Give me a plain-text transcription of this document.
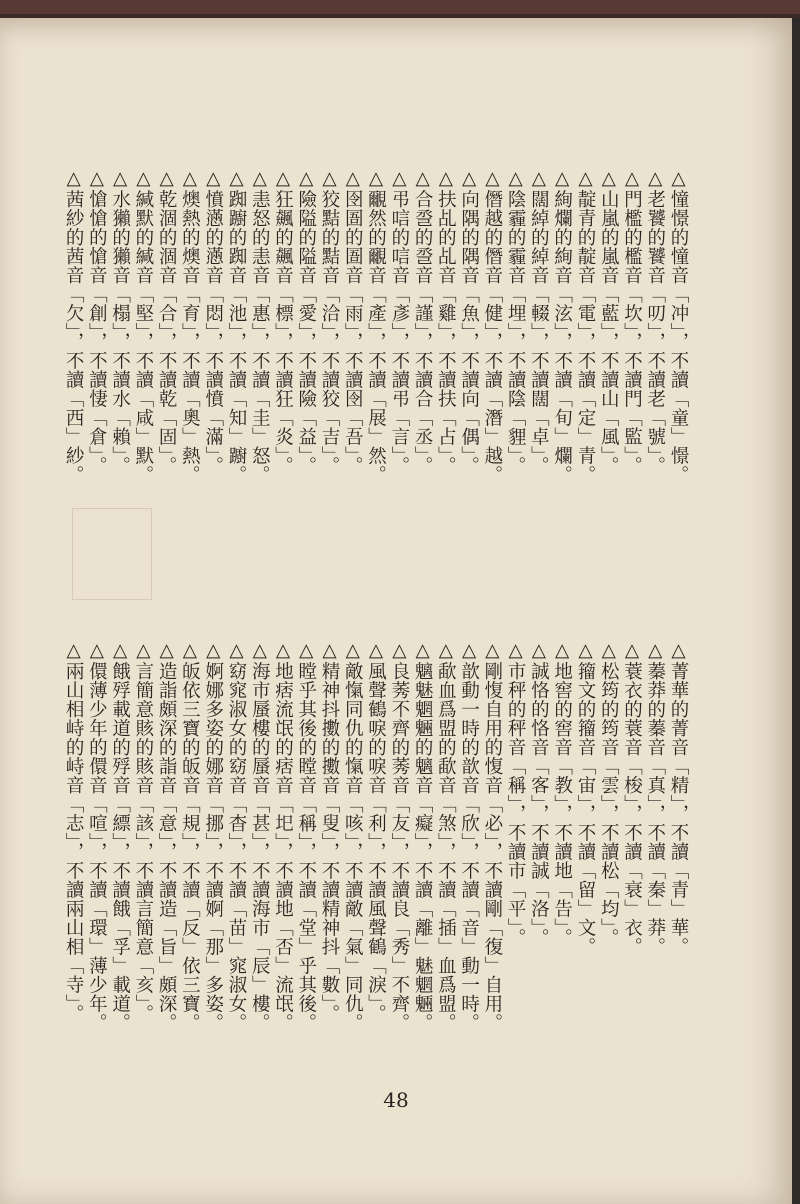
△憧憬的憧音「冲」，不讀「童」憬。
△老饕的饕音「叨」，不讀老「號」。
△門檻的檻音「坎」，不讀門「監」。
△山嵐的嵐音「藍」，不讀山「風」。
△靛青的靛音「電」，不讀「定」青。
△絢爛的絢音「泫」，不讀「旬」爛。
△闊綽的綽音「輟」，不讀闊「卓」。
△陰霾的霾音「埋」，不讀陰「貍」。
△僭越的僭音「健」，不讀「潛」越。
△向隅的隅音「魚」，不讀向「偶」。
△扶乩的乩音「雞」，不讀扶「占」。
△合巹的巹音「謹」，不讀合「丞」。
△弔唁的唁音「彥」，不讀弔「言」。
△覼然的覼音「產」，不讀「展」然。
△囹圄的圄音「雨」，不讀囹「吾」。
△狡黠的黠音「洽」，不讀狡「吉」。
△險隘的隘音「愛」，不讀險「益」。
△狂飆的飆音「標」，不讀狂「炎」。
△恚怒的恚音「惠」，不讀「圭」怒。
△踟躕的踟音「池」，不讀「知」躕。
△憤懣的懣音「悶」，不讀憤「滿」。
△燠熱的燠音「育」，不讀「奧」熱。
△乾涸的涸音「合」，不讀乾「固」。
△緘默的緘音「堅」，不讀「咸」默。
△水獺的獺音「榻」，不讀水「賴」。
△愴愴的愴音「創」，不讀悽「倉」。
△茜紗的茜音「欠」，不讀「西」紗。
△菁華的菁音「精」，不讀「青」華。
△蓁莽的蓁音「真」，不讀「秦」莽。
△蓑衣的蓑音「梭」，不讀「衰」衣。
△松筠的筠音「雲」，不讀松「均」。
△籀文的籀音「宙」，不讀「留」文。
△地窖的窖音「教」，不讀地「告」。
△誠恪的恪音「客」，不讀誠「洛」。
△市秤的秤音「稱」，不讀市「平」。
△剛愎自用的愎音「必」，不讀剛「復」自用。
△歆動一時的歆音「欣」，不讀「音」動一時。
△歃血爲盟的歃音「煞」，不讀「插」血爲盟。
△魑魅魍魎的魑音「癡」，不讀「離」魅魍魎。
△良莠不齊的莠音「友」，不讀良「秀」不齊。
△風聲鶴唳的唳音「利」，不讀風聲鶴「淚」。
△敵愾同仇的愾音「咳」，不讀敵「氣」同仇。
△精神抖擻的擻音「叟」，不讀精神抖「數」。
△瞠乎其後的瞠音「稱」，不讀「堂」乎其後。
△地痞流氓的痞音「圯」，不讀地「否」流氓。
△海市蜃樓的蜃音「甚」，不讀海市「辰」樓。
△窈窕淑女的窈音「杳」，不讀「苗」窕淑女。
△婀娜多姿的娜音「挪」，不讀婀「那」多姿。
△皈依三寶的皈音「規」，不讀「反」依三寶。
△造詣頗深的詣音「意」，不讀造「旨」頗深。
△言簡意賅的賅音「該」，不讀言簡意「亥」。
△餓殍載道的殍音「縹」，不讀餓「孚」載道。
△儇薄少年的儇音「喧」，不讀「環」薄少年。
△兩山相峙的峙音「志」，不讀兩山相「寺」。
48
